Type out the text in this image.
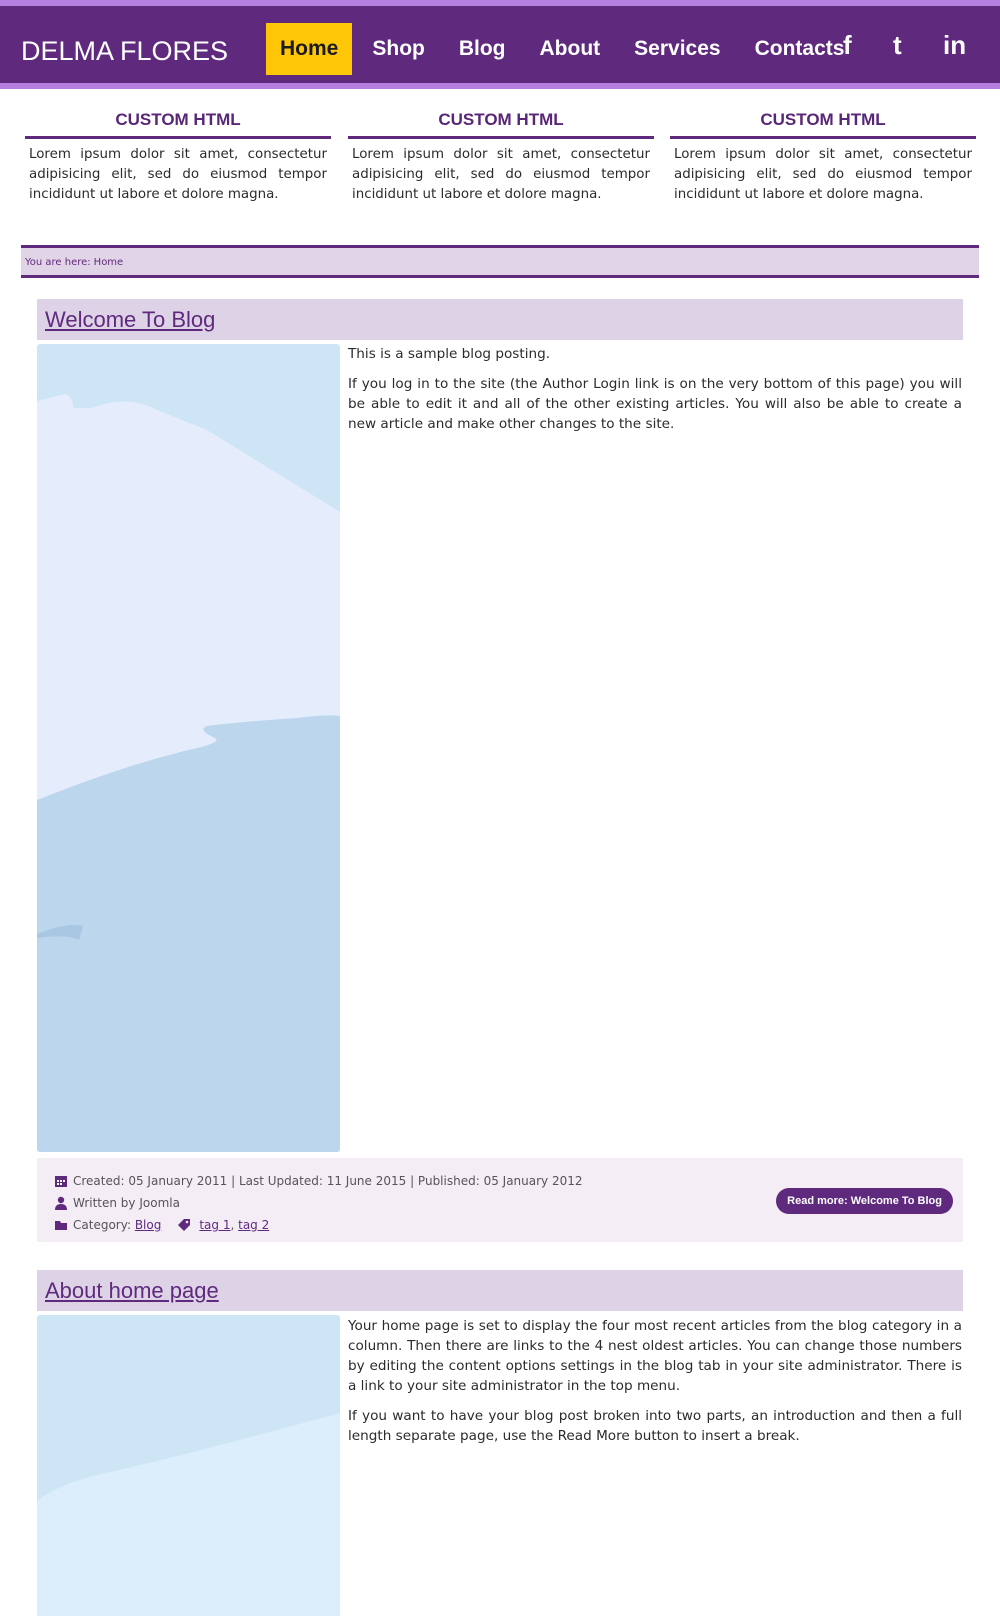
DELMA FLORES	Home	Shop	Blog	About	Services	Contacts
f t in
CUSTOM HTML
Lorem ipsum dolor sit amet, consectetur adipisicing elit, sed do eiusmod tempor incididunt ut labore et dolore magna.
CUSTOM HTML
Lorem ipsum dolor sit amet, consectetur adipisicing elit, sed do eiusmod tempor incididunt ut labore et dolore magna.
CUSTOM HTML
Lorem ipsum dolor sit amet, consectetur adipisicing elit, sed do eiusmod tempor incididunt ut labore et dolore magna.
You are here: Home
Welcome To Blog

This is a sample blog posting.

If you log in to the site (the Author Login link is on the very bottom of this page) you will be able to edit it and all of the other existing articles. You will also be able to create a new article and make other changes to the site.

Created: 05 January 2011 | Last Updated: 11 June 2015 | Published: 05 January 2012
Written by Joomla
Category:
Blog	tag 1 , tag 2
Read more: Welcome To Blog
About home page

Your home page is set to display the four most recent articles from the blog category in a column. Then there are links to the 4 nest oldest articles. You can change those numbers by editing the content options settings in the blog tab in your site administrator. There is a link to your site administrator in the top menu.

If you want to have your blog post broken into two parts, an introduction and then a full length separate page, use the Read More button to insert a break.
